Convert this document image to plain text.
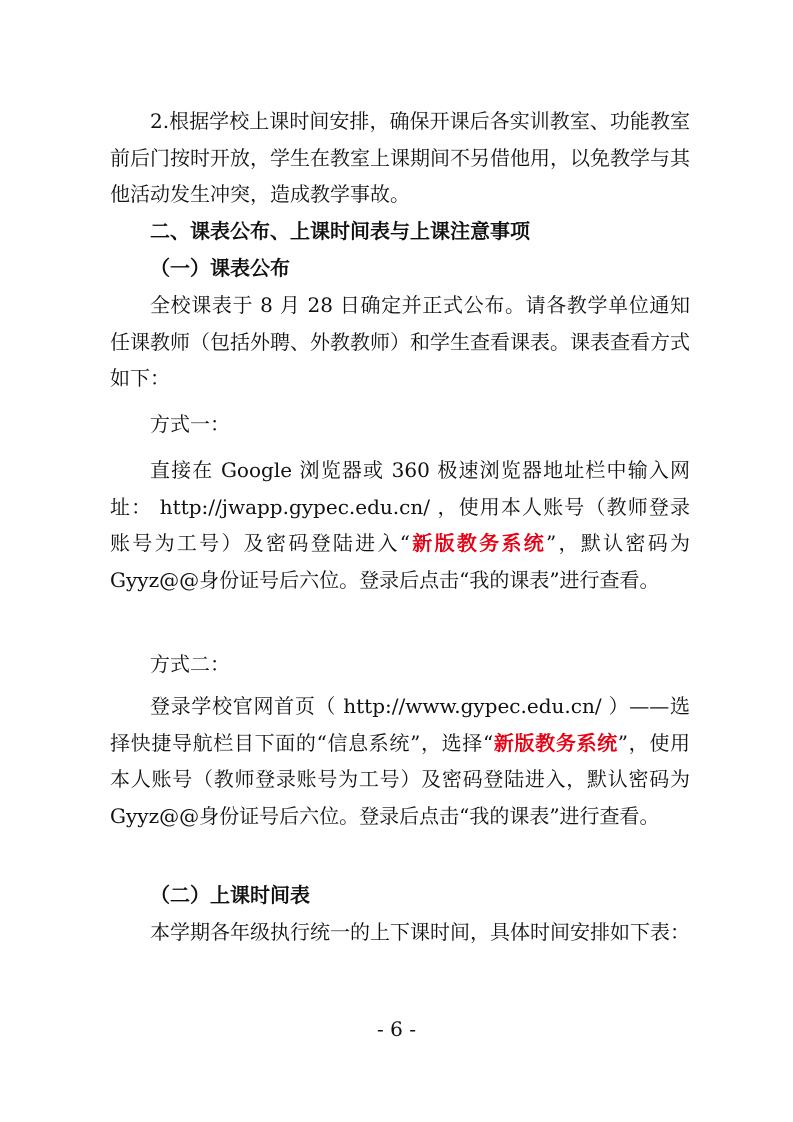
2.根据学校上课时间安排，确保开课后各实训教室、功能教室前后门按时开放，学生在教室上课期间不另借他用，以免教学与其他活动发生冲突，造成教学事故。

二、课表公布、上课时间表与上课注意事项

（一）课表公布

全校课表于 8 月 28 日确定并正式公布。请各教学单位通知任课教师（包括外聘、外教教师）和学生查看课表。课表查看方式如下：

方式一：

直接在 Google 浏览器或 360 极速浏览器地址栏中输入网址： http://jwapp.gypec.edu.cn/ ，使用本人账号（教师登录账号为工号）及密码登陆进入“新版教务系统”，默认密码为 Gyyz@@身份证号后六位。登录后点击“我的课表”进行查看。

方式二：

登录学校官网首页（ http://www.gypec.edu.cn/ ）——选择快捷导航栏目下面的“信息系统”，选择“新版教务系统”，使用本人账号（教师登录账号为工号）及密码登陆进入，默认密码为 Gyyz@@身份证号后六位。登录后点击“我的课表”进行查看。

（二）上课时间表

本学期各年级执行统一的上下课时间，具体时间安排如下表：

- 6 -
